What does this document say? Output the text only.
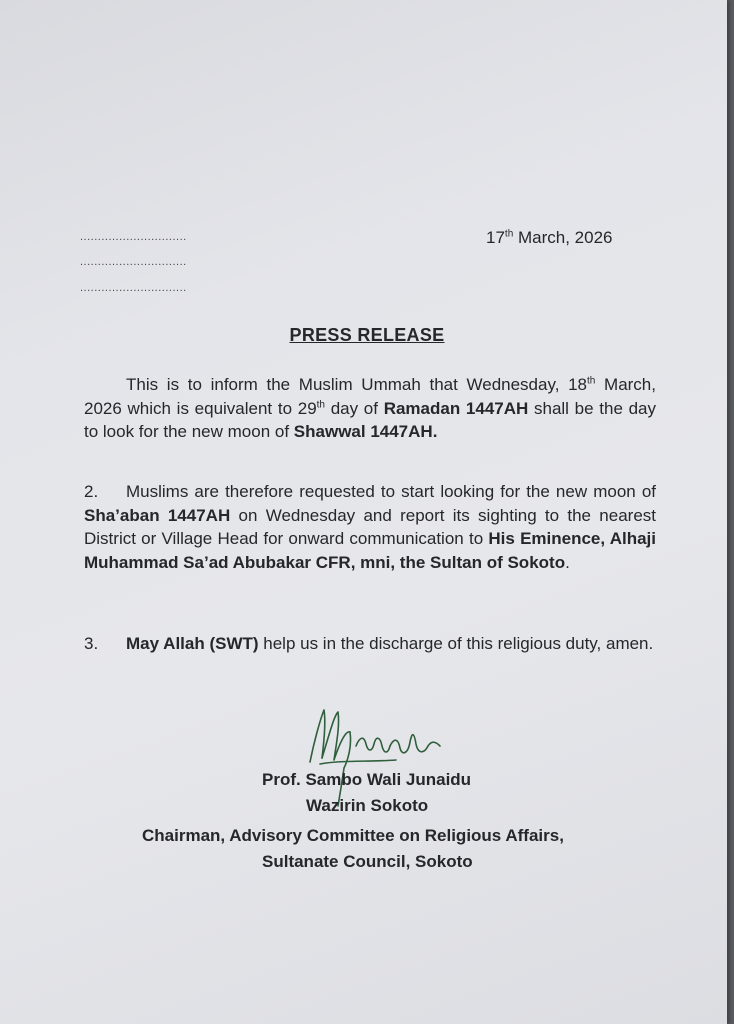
..............................
..............................
..............................
17th March, 2026
PRESS RELEASE
This is to inform the Muslim Ummah that Wednesday, 18th March, 2026 which is equivalent to 29th day of Ramadan 1447AH shall be the day to look for the new moon of Shawwal 1447AH.
2. Muslims are therefore requested to start looking for the new moon of Sha’aban 1447AH on Wednesday and report its sighting to the nearest District or Village Head for onward communication to His Eminence, Alhaji Muhammad Sa’ad Abubakar CFR, mni, the Sultan of Sokoto.
3. May Allah (SWT) help us in the discharge of this religious duty, amen.
Prof. Sambo Wali Junaidu
Wazirin Sokoto
Chairman, Advisory Committee on Religious Affairs,
Sultanate Council, Sokoto
